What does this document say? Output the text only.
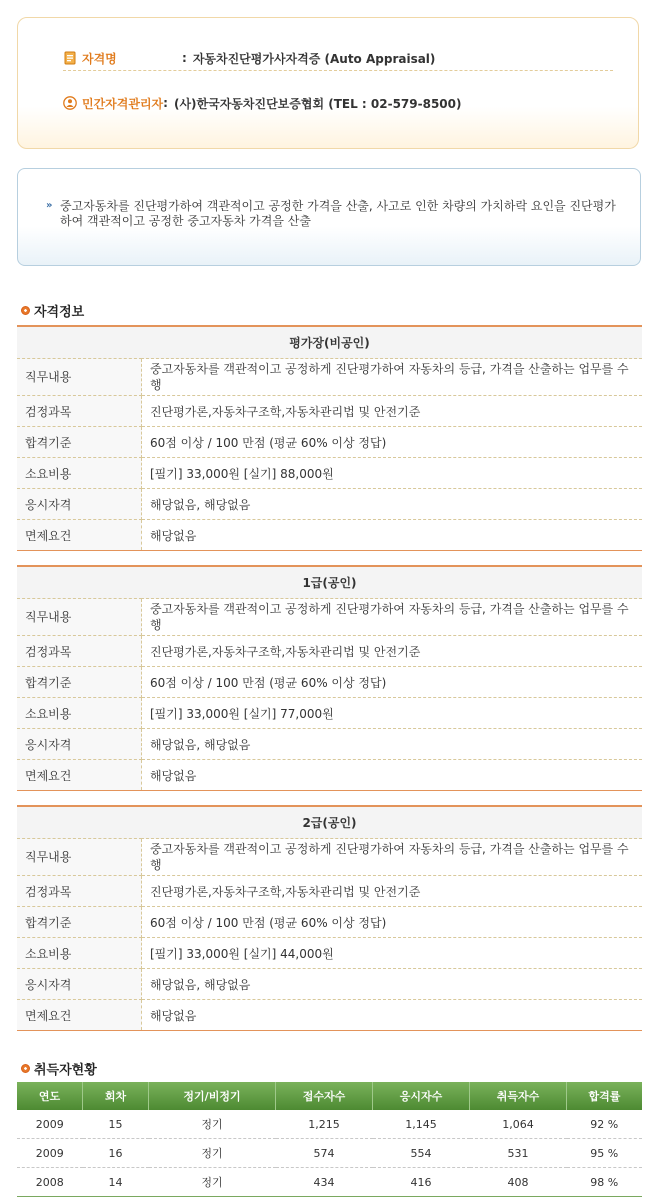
자격명	: 자동차진단평가사자격증 (Auto Appraisal)
민간자격관리자 : (사)한국자동차진단보증협회 (TEL : 02-579-8500)
» 중고자동차를 진단평가하여 객관적이고 공정한 가격을 산출, 사고로 인한 차량의 가치하락 요인을 진단평가하여 객관적이고 공정한 중고자동차 가격을 산출
자격정보
평가장(비공인)	
직무내용	중고자동차를 객관적이고 공정하게 진단평가하여 자동차의 등급, 가격을 산출하는 업무를 수행
검정과목	진단평가론,자동차구조학,자동차관리법 및 안전기준
합격기준	60점 이상 / 100 만점 (평균 60% 이상 정답)
소요비용	[필기] 33,000원 [실기] 88,000원
응시자격	해당없음, 해당없음
면제요건	해당없음
1급(공인)	
직무내용	중고자동차를 객관적이고 공정하게 진단평가하여 자동차의 등급, 가격을 산출하는 업무를 수행
검정과목	진단평가론,자동차구조학,자동차관리법 및 안전기준
합격기준	60점 이상 / 100 만점 (평균 60% 이상 정답)
소요비용	[필기] 33,000원 [실기] 77,000원
응시자격	해당없음, 해당없음
면제요건	해당없음
2급(공인)	
직무내용	중고자동차를 객관적이고 공정하게 진단평가하여 자동차의 등급, 가격을 산출하는 업무를 수행
검정과목	진단평가론,자동차구조학,자동차관리법 및 안전기준
합격기준	60점 이상 / 100 만점 (평균 60% 이상 정답)
소요비용	[필기] 33,000원 [실기] 44,000원
응시자격	해당없음, 해당없음
면제요건	해당없음
취득자현황
연도	회차	정기/비정기	접수자수	응시자수	취득자수	합격률
2009	15	정기	1,215	1,145	1,064	92 %
2009	16	정기	574	554	531	95 %
2008	14	정기	434	416	408	98 %
